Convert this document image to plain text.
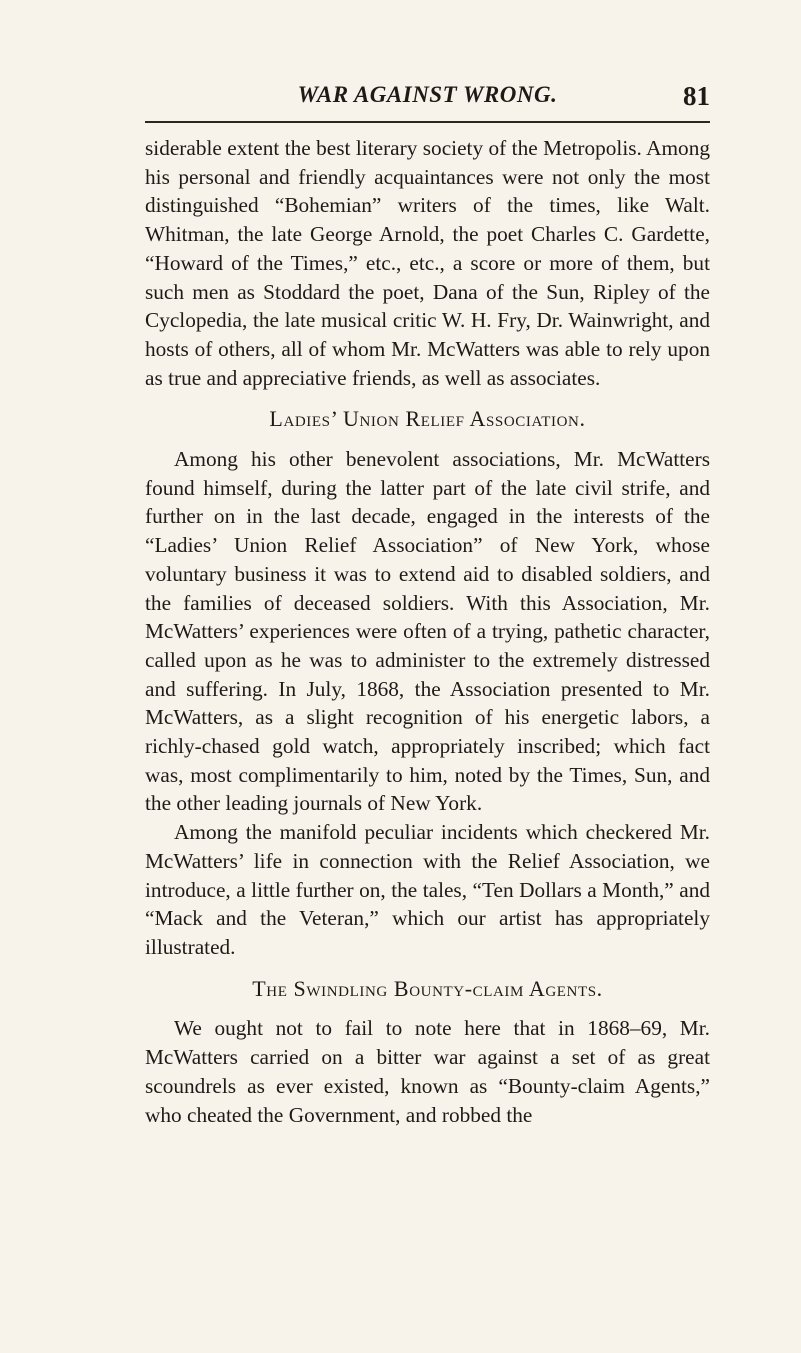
WAR AGAINST WRONG.	81

siderable extent the best literary society of the Metropolis. Among his personal and friendly acquaintances were not only the most distinguished “Bohemian” writers of the times, like Walt. Whitman, the late George Arnold, the poet Charles C. Gardette, “Howard of the Times,” etc., etc., a score or more of them, but such men as Stoddard the poet, Dana of the Sun, Ripley of the Cyclopedia, the late musical critic W. H. Fry, Dr. Wainwright, and hosts of others, all of whom Mr. McWatters was able to rely upon as true and appreciative friends, as well as associates.

Ladies’ Union Relief Association.

Among his other benevolent associations, Mr. McWatters found himself, during the latter part of the late civil strife, and further on in the last decade, engaged in the interests of the “Ladies’ Union Relief Association” of New York, whose voluntary business it was to extend aid to disabled soldiers, and the families of deceased soldiers. With this Association, Mr. McWatters’ experiences were often of a trying, pathetic character, called upon as he was to administer to the extremely distressed and suffering. In July, 1868, the Association presented to Mr. McWatters, as a slight recognition of his energetic labors, a richly-chased gold watch, appropriately inscribed; which fact was, most complimentarily to him, noted by the Times, Sun, and the other leading journals of New York.

Among the manifold peculiar incidents which checkered Mr. McWatters’ life in connection with the Relief Association, we introduce, a little further on, the tales, “Ten Dollars a Month,” and “Mack and the Veteran,” which our artist has appropriately illustrated.

The Swindling Bounty-claim Agents.

We ought not to fail to note here that in 1868–69, Mr. McWatters carried on a bitter war against a set of as great scoundrels as ever existed, known as “Bounty-claim Agents,” who cheated the Government, and robbed the
